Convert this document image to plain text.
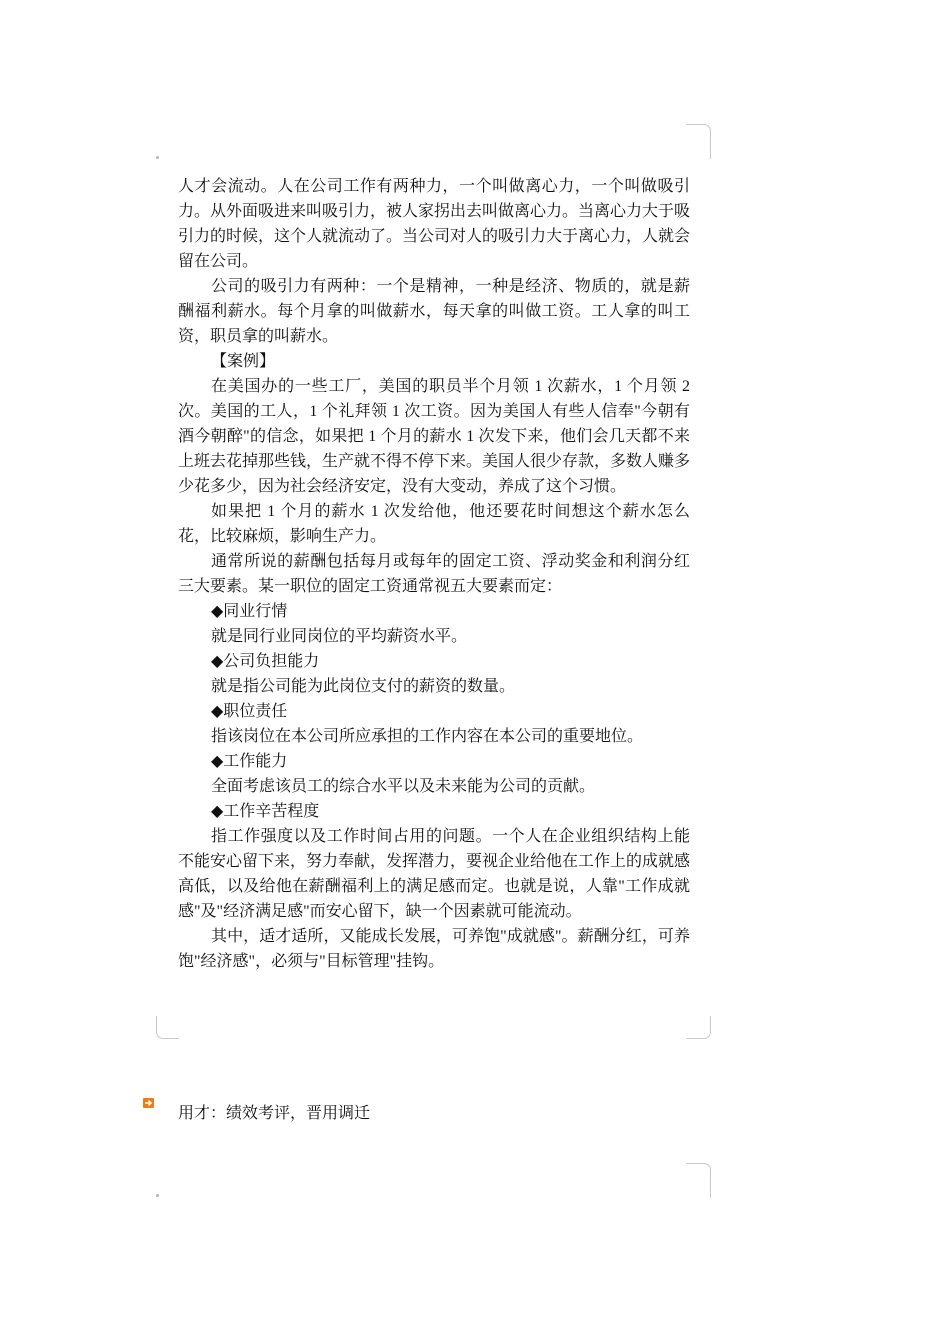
人才会流动。人在公司工作有两种力，一个叫做离心力，一个叫做吸引力。从外面吸进来叫吸引力，被人家拐出去叫做离心力。当离心力大于吸引力的时候，这个人就流动了。当公司对人的吸引力大于离心力，人就会留在公司。

公司的吸引力有两种：一个是精神，一种是经济、物质的，就是薪酬福利薪水。每个月拿的叫做薪水，每天拿的叫做工资。工人拿的叫工资，职员拿的叫薪水。

【案例】

在美国办的一些工厂，美国的职员半个月领 1 次薪水，1 个月领 2 次。美国的工人，1 个礼拜领 1 次工资。因为美国人有些人信奉"今朝有酒今朝醉"的信念，如果把 1 个月的薪水 1 次发下来，他们会几天都不来上班去花掉那些钱，生产就不得不停下来。美国人很少存款，多数人赚多少花多少，因为社会经济安定，没有大变动，养成了这个习惯。

如果把 1 个月的薪水 1 次发给他，他还要花时间想这个薪水怎么花，比较麻烦，影响生产力。

通常所说的薪酬包括每月或每年的固定工资、浮动奖金和利润分红三大要素。某一职位的固定工资通常视五大要素而定：

◆同业行情

就是同行业同岗位的平均薪资水平。

◆公司负担能力

就是指公司能为此岗位支付的薪资的数量。

◆职位责任

指该岗位在本公司所应承担的工作内容在本公司的重要地位。

◆工作能力

全面考虑该员工的综合水平以及未来能为公司的贡献。

◆工作辛苦程度

指工作强度以及工作时间占用的问题。一个人在企业组织结构上能不能安心留下来，努力奉献，发挥潜力，要视企业给他在工作上的成就感高低，以及给他在薪酬福利上的满足感而定。也就是说，人靠"工作成就感"及"经济满足感"而安心留下，缺一个因素就可能流动。

其中，适才适所，又能成长发展，可养饱"成就感"。薪酬分红，可养饱"经济感"，必须与"目标管理"挂钩。

用才：绩效考评，晋用调迁
